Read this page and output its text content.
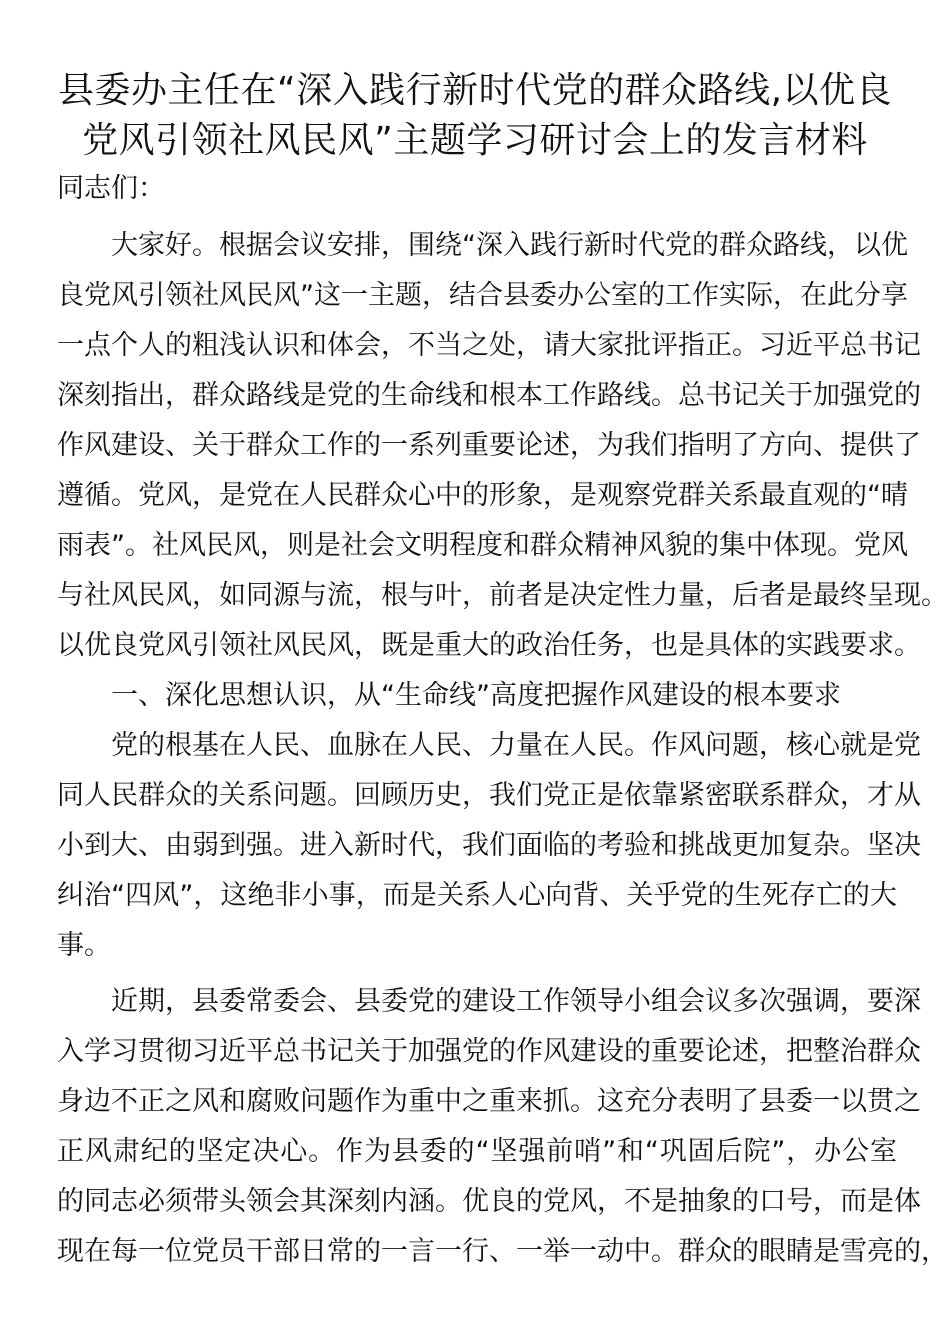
县委办主任在“深入践行新时代党的群众路线,以优良
党风引领社风民风”主题学习研讨会上的发言材料
同志们：
大家好。根据会议安排，围绕“深入践行新时代党的群众路线，以优
良党风引领社风民风”这一主题，结合县委办公室的工作实际，在此分享
一点个人的粗浅认识和体会，不当之处，请大家批评指正。习近平总书记
深刻指出，群众路线是党的生命线和根本工作路线。总书记关于加强党的
作风建设、关于群众工作的一系列重要论述，为我们指明了方向、提供了
遵循。党风，是党在人民群众心中的形象，是观察党群关系最直观的“晴
雨表”。社风民风，则是社会文明程度和群众精神风貌的集中体现。党风
与社风民风，如同源与流，根与叶，前者是决定性力量，后者是最终呈现。
以优良党风引领社风民风，既是重大的政治任务，也是具体的实践要求。
一、深化思想认识，从“生命线”高度把握作风建设的根本要求
党的根基在人民、血脉在人民、力量在人民。作风问题，核心就是党
同人民群众的关系问题。回顾历史，我们党正是依靠紧密联系群众，才从
小到大、由弱到强。进入新时代，我们面临的考验和挑战更加复杂。坚决
纠治“四风”，这绝非小事，而是关系人心向背、关乎党的生死存亡的大
事。
近期，县委常委会、县委党的建设工作领导小组会议多次强调，要深
入学习贯彻习近平总书记关于加强党的作风建设的重要论述，把整治群众
身边不正之风和腐败问题作为重中之重来抓。这充分表明了县委一以贯之
正风肃纪的坚定决心。作为县委的“坚强前哨”和“巩固后院”，办公室
的同志必须带头领会其深刻内涵。优良的党风，不是抽象的口号，而是体
现在每一位党员干部日常的一言一行、一举一动中。群众的眼睛是雪亮的，
